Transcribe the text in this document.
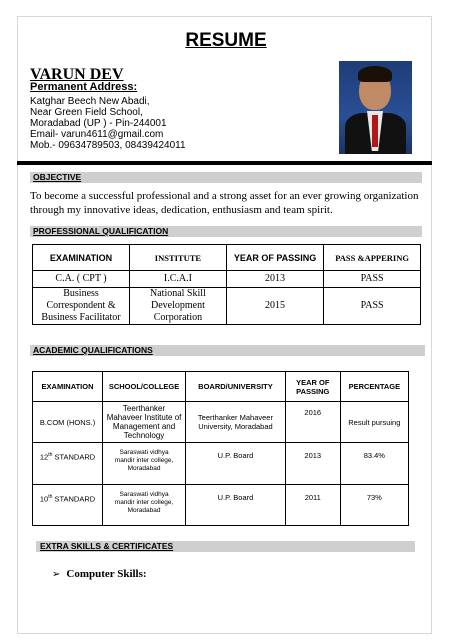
RESUME
VARUN DEV
Permanent Address:
Katghar Beech New Abadi,
Near Green Field School,
Moradabad (UP ) - Pin-244001
Email- varun4611@gmail.com
Mob.- 09634789503, 08439424011
OBJECTIVE
To become a successful professional and a strong asset for an ever growing organization through my innovative ideas, dedication, enthusiasm and team spirit.
PROFESSIONAL QUALIFICATION
EXAMINATION	INSTITUTE	YEAR OF PASSING	PASS &APPERING
C.A. ( CPT )	I.C.A.I	2013	PASS
Business Correspondent & Business Facilitator	National Skill Development Corporation	2015	PASS
ACADEMIC QUALIFICATIONS
EXAMINATION	SCHOOL/COLLEGE	BOARD/UNIVERSITY	YEAR OF PASSING	PERCENTAGE
B.COM (HONS.)	Teerthanker Mahaveer Institute of Management and Technology	Teerthanker Mahaveer University, Moradabad	2016	Result pursuing
12th STANDARD	Saraswati vidhya mandir inter college, Moradabad	U.P. Board	2013	83.4%
10th STANDARD	Saraswati vidhya mandir inter college, Moradabad	U.P. Board	2011	73%
EXTRA SKILLS & CERTIFICATES
➢ Computer Skills:
